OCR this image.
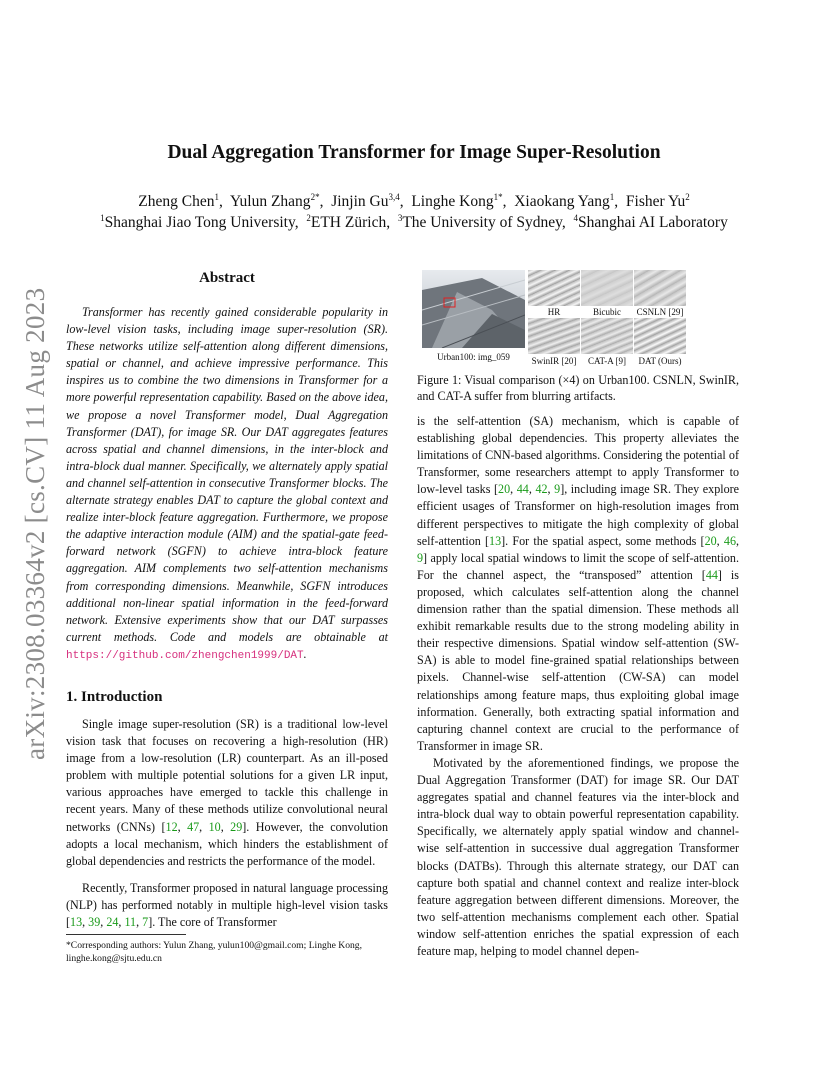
arXiv:2308.03364v2 [cs.CV] 11 Aug 2023
Dual Aggregation Transformer for Image Super-Resolution
Zheng Chen$^1$,  Yulun Zhang$^{2*}$,  Jinjin Gu$^{3,4}$,  Linghe Kong$^{1*}$,  Xiaokang Yang$^1$,  Fisher Yu$^2$
$^1$Shanghai Jiao Tong University,  $^2$ETH Zürich,  $^3$The University of Sydney,  $^4$Shanghai AI Laboratory
Abstract
Transformer has recently gained considerable popularity in low-level vision tasks, including image super-resolution (SR). These networks utilize self-attention along different dimensions, spatial or channel, and achieve impressive performance. This inspires us to combine the two dimensions in Transformer for a more powerful representation capability. Based on the above idea, we propose a novel Transformer model, Dual Aggregation Transformer (DAT), for image SR. Our DAT aggregates features across spatial and channel dimensions, in the inter-block and intra-block dual manner. Specifically, we alternately apply spatial and channel self-attention in consecutive Transformer blocks. The alternate strategy enables DAT to capture the global context and realize inter-block feature aggregation. Furthermore, we propose the adaptive interaction module (AIM) and the spatial-gate feed-forward network (SGFN) to achieve intra-block feature aggregation. AIM complements two self-attention mechanisms from corresponding dimensions. Meanwhile, SGFN introduces additional non-linear spatial information in the feed-forward network. Extensive experiments show that our DAT surpasses current methods. Code and models are obtainable at https://github.com/zhengchen1999/DAT.
1. Introduction
Single image super-resolution (SR) is a traditional low-level vision task that focuses on recovering a high-resolution (HR) image from a low-resolution (LR) counterpart. As an ill-posed problem with multiple potential solutions for a given LR input, various approaches have emerged to tackle this challenge in recent years. Many of these methods utilize convolutional neural networks (CNNs) [12, 47, 10, 29]. However, the convolution adopts a local mechanism, which hinders the establishment of global dependencies and restricts the performance of the model.
Recently, Transformer proposed in natural language processing (NLP) has performed notably in multiple high-level vision tasks [13, 39, 24, 11, 7]. The core of Transformer
*Corresponding authors: Yulun Zhang, yulun100@gmail.com; Linghe Kong, linghe.kong@sjtu.edu.cn
Urban100: img_059
HR	Bicubic	CSNLN [29]
SwinIR [20]	CAT-A [9]	DAT (Ours)
Figure 1: Visual comparison (×4) on Urban100. CSNLN, SwinIR, and CAT-A suffer from blurring artifacts.
is the self-attention (SA) mechanism, which is capable of establishing global dependencies. This property alleviates the limitations of CNN-based algorithms. Considering the potential of Transformer, some researchers attempt to apply Transformer to low-level tasks [20, 44, 42, 9], including image SR. They explore efficient usages of Transformer on high-resolution images from different perspectives to mitigate the high complexity of global self-attention [13]. For the spatial aspect, some methods [20, 46, 9] apply local spatial windows to limit the scope of self-attention. For the channel aspect, the “transposed” attention [44] is proposed, which calculates self-attention along the channel dimension rather than the spatial dimension. These methods all exhibit remarkable results due to the strong modeling ability in their respective dimensions. Spatial window self-attention (SW-SA) is able to model fine-grained spatial relationships between pixels. Channel-wise self-attention (CW-SA) can model relationships among feature maps, thus exploiting global image information. Generally, both extracting spatial information and capturing channel context are crucial to the performance of Transformer in image SR.
Motivated by the aforementioned findings, we propose the Dual Aggregation Transformer (DAT) for image SR. Our DAT aggregates spatial and channel features via the inter-block and intra-block dual way to obtain powerful representation capability. Specifically, we alternately apply spatial window and channel-wise self-attention in successive dual aggregation Transformer blocks (DATBs). Through this alternate strategy, our DAT can capture both spatial and channel context and realize inter-block feature aggregation between different dimensions. Moreover, the two self-attention mechanisms complement each other. Spatial window self-attention enriches the spatial expression of each feature map, helping to model channel depen-
